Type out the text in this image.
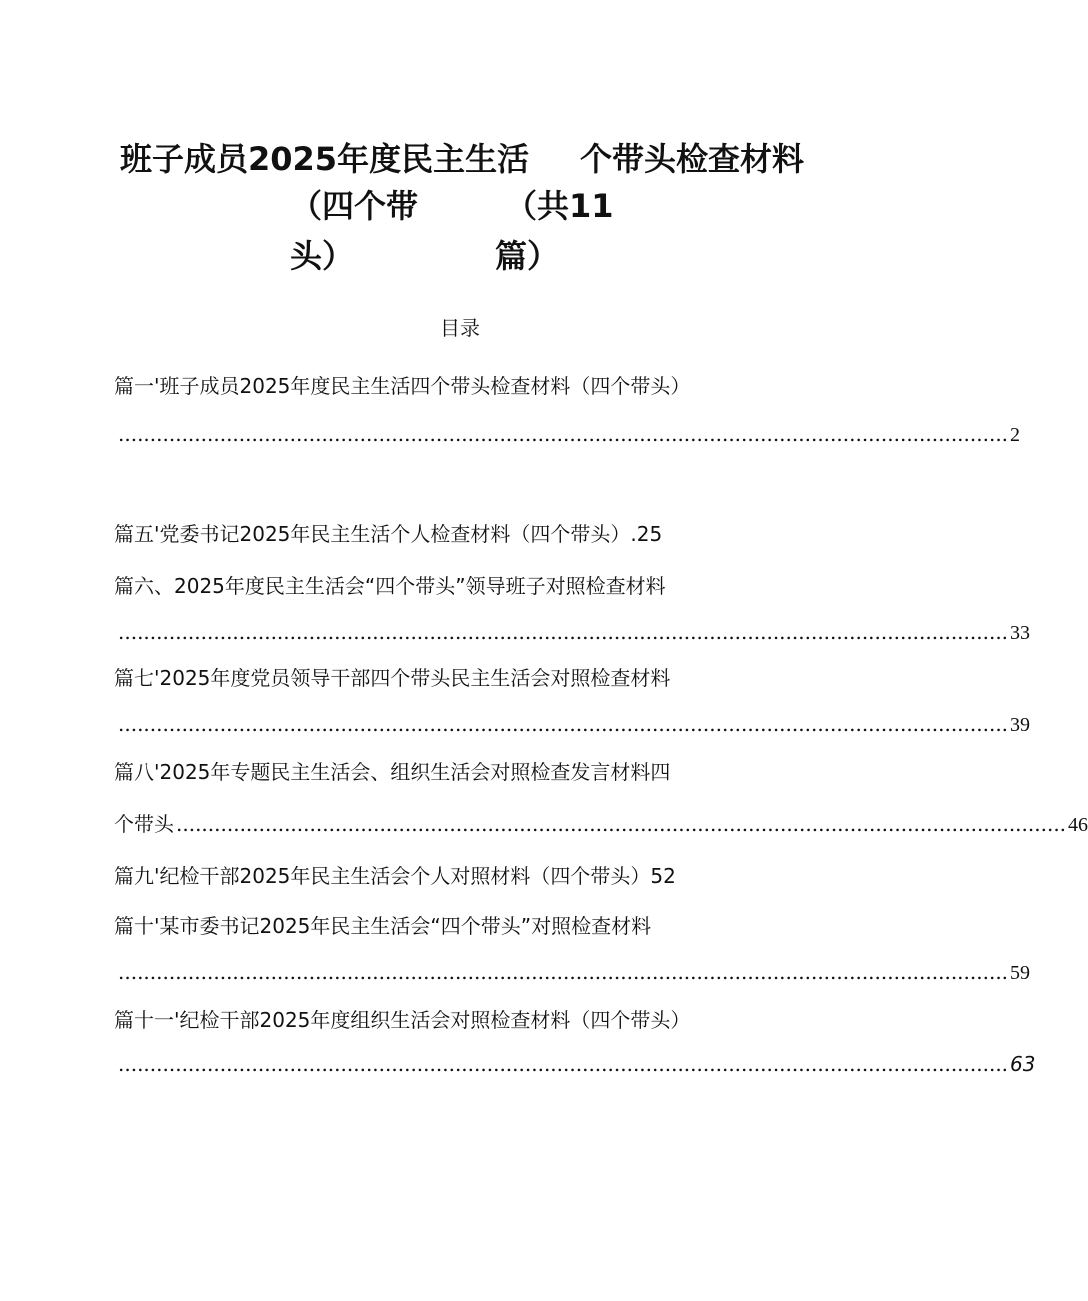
班子成员2025年度民主生活 个带头检查材料
（四个带	（共11
头）	篇）
目录
篇一'班子成员2025年度民主生活四个带头检查材料（四个带头）
............................................................................................................................................ 2
篇五'党委书记2025年民主生活个人检查材料（四个带头）.25
篇六、2025年度民主生活会“四个带头”领导班子对照检查材料
............................................................................................................................................ 33
篇七'2025年度党员领导干部四个带头民主生活会对照检查材料
............................................................................................................................................ 39
篇八'2025年专题民主生活会、组织生活会对照检查发言材料四
个带头 ............................................................................................................................................ 46
篇九'纪检干部2025年民主生活会个人对照材料（四个带头）52
篇十'某市委书记2025年民主生活会“四个带头”对照检查材料
............................................................................................................................................ 59
篇十一'纪检干部2025年度组织生活会对照检查材料（四个带头）
............................................................................................................................................ 63
